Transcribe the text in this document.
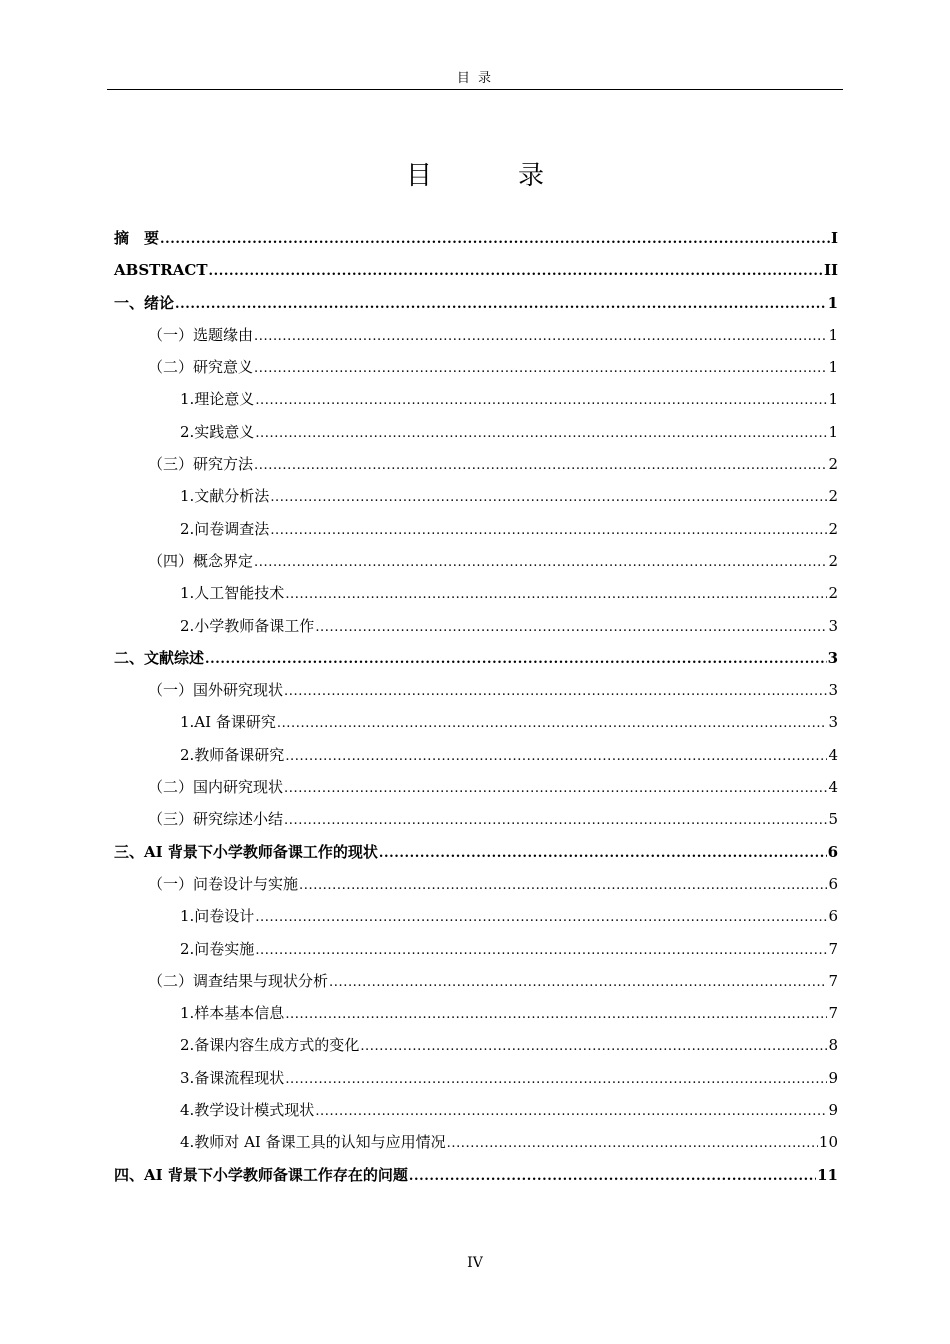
目 录
目　录
摘　要 .....	I
ABSTRACT .....	II
一、绪论 .....	1
（一）选题缘由 .....	1
（二）研究意义 .....	1
1.理论意义 .....	1
2.实践意义 .....	1
（三）研究方法 .....	2
1.文献分析法 .....	2
2.问卷调查法 .....	2
（四）概念界定 .....	2
1.人工智能技术 .....	2
2.小学教师备课工作 .....	3
二、文献综述 .....	3
（一）国外研究现状 .....	3
1.AI 备课研究 .....	3
2.教师备课研究 .....	4
（二）国内研究现状 .....	4
（三）研究综述小结 .....	5
三、AI 背景下小学教师备课工作的现状 .....	6
（一）问卷设计与实施 .....	6
1.问卷设计 .....	6
2.问卷实施 .....	7
（二）调查结果与现状分析 .....	7
1.样本基本信息 .....	7
2.备课内容生成方式的变化 .....	8
3.备课流程现状 .....	9
4.教学设计模式现状 .....	9
4.教师对 AI 备课工具的认知与应用情况 .....	10
四、AI 背景下小学教师备课工作存在的问题 .....	11
IV
